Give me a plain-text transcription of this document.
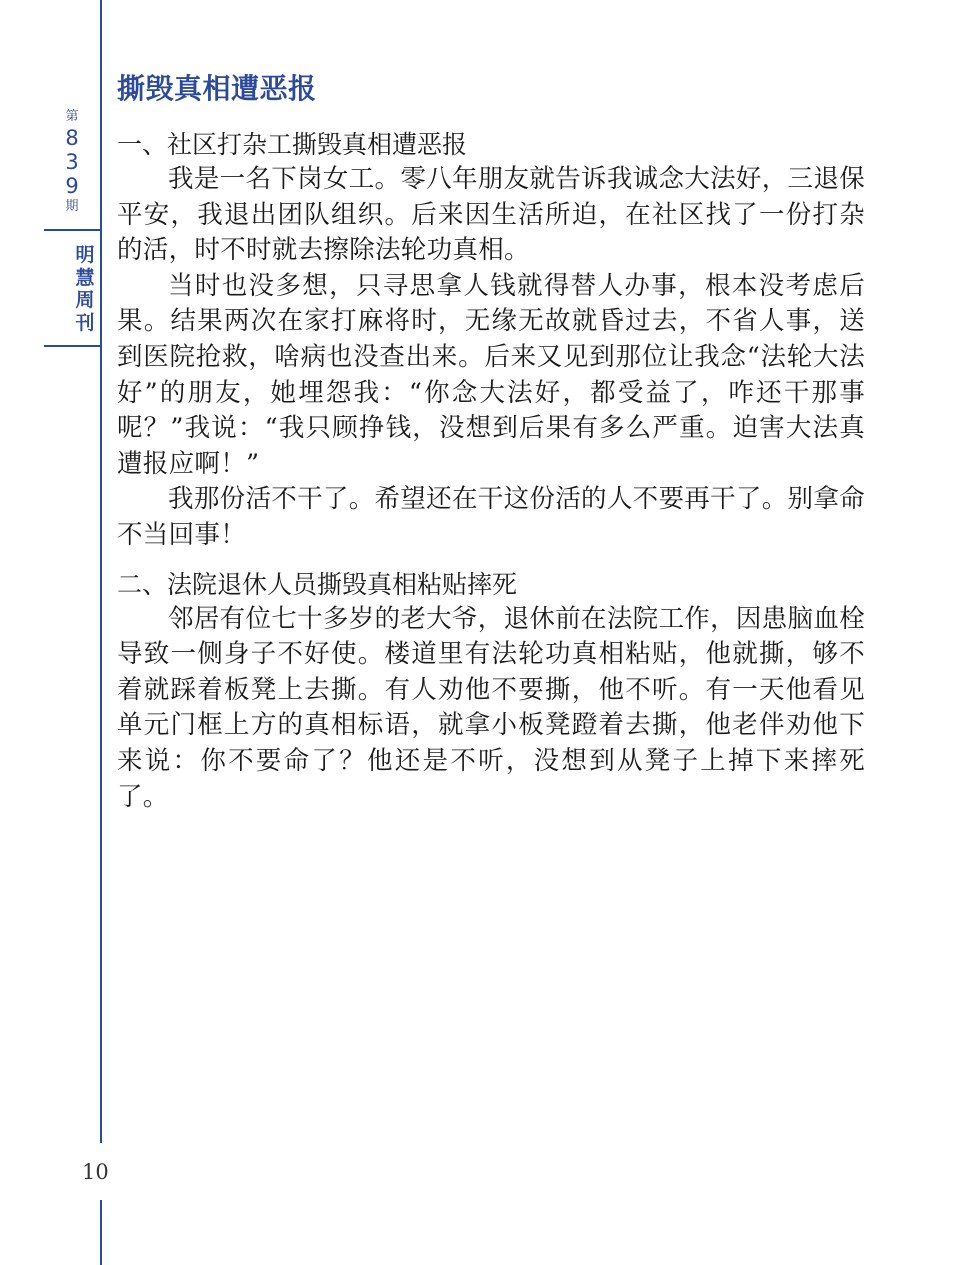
第
8
3
9
期
明
慧
周
刊
撕毁真相遭恶报

一、社区打杂工撕毁真相遭恶报

我是一名下岗女工。零八年朋友就告诉我诚念大法好，三退保平安，我退出团队组织。后来因生活所迫，在社区找了一份打杂的活，时不时就去擦除法轮功真相。

当时也没多想，只寻思拿人钱就得替人办事，根本没考虑后果。结果两次在家打麻将时，无缘无故就昏过去，不省人事，送到医院抢救，啥病也没查出来。后来又见到那位让我念“法轮大法好”的朋友，她埋怨我：“你念大法好，都受益了，咋还干那事呢？”我说：“我只顾挣钱，没想到后果有多么严重。迫害大法真遭报应啊！”

我那份活不干了。希望还在干这份活的人不要再干了。别拿命不当回事！

二、法院退休人员撕毁真相粘贴摔死

邻居有位七十多岁的老大爷，退休前在法院工作，因患脑血栓导致一侧身子不好使。楼道里有法轮功真相粘贴，他就撕，够不着就踩着板凳上去撕。有人劝他不要撕，他不听。有一天他看见单元门框上方的真相标语，就拿小板凳蹬着去撕，他老伴劝他下来说：你不要命了？他还是不听，没想到从凳子上掉下来摔死了。

10
